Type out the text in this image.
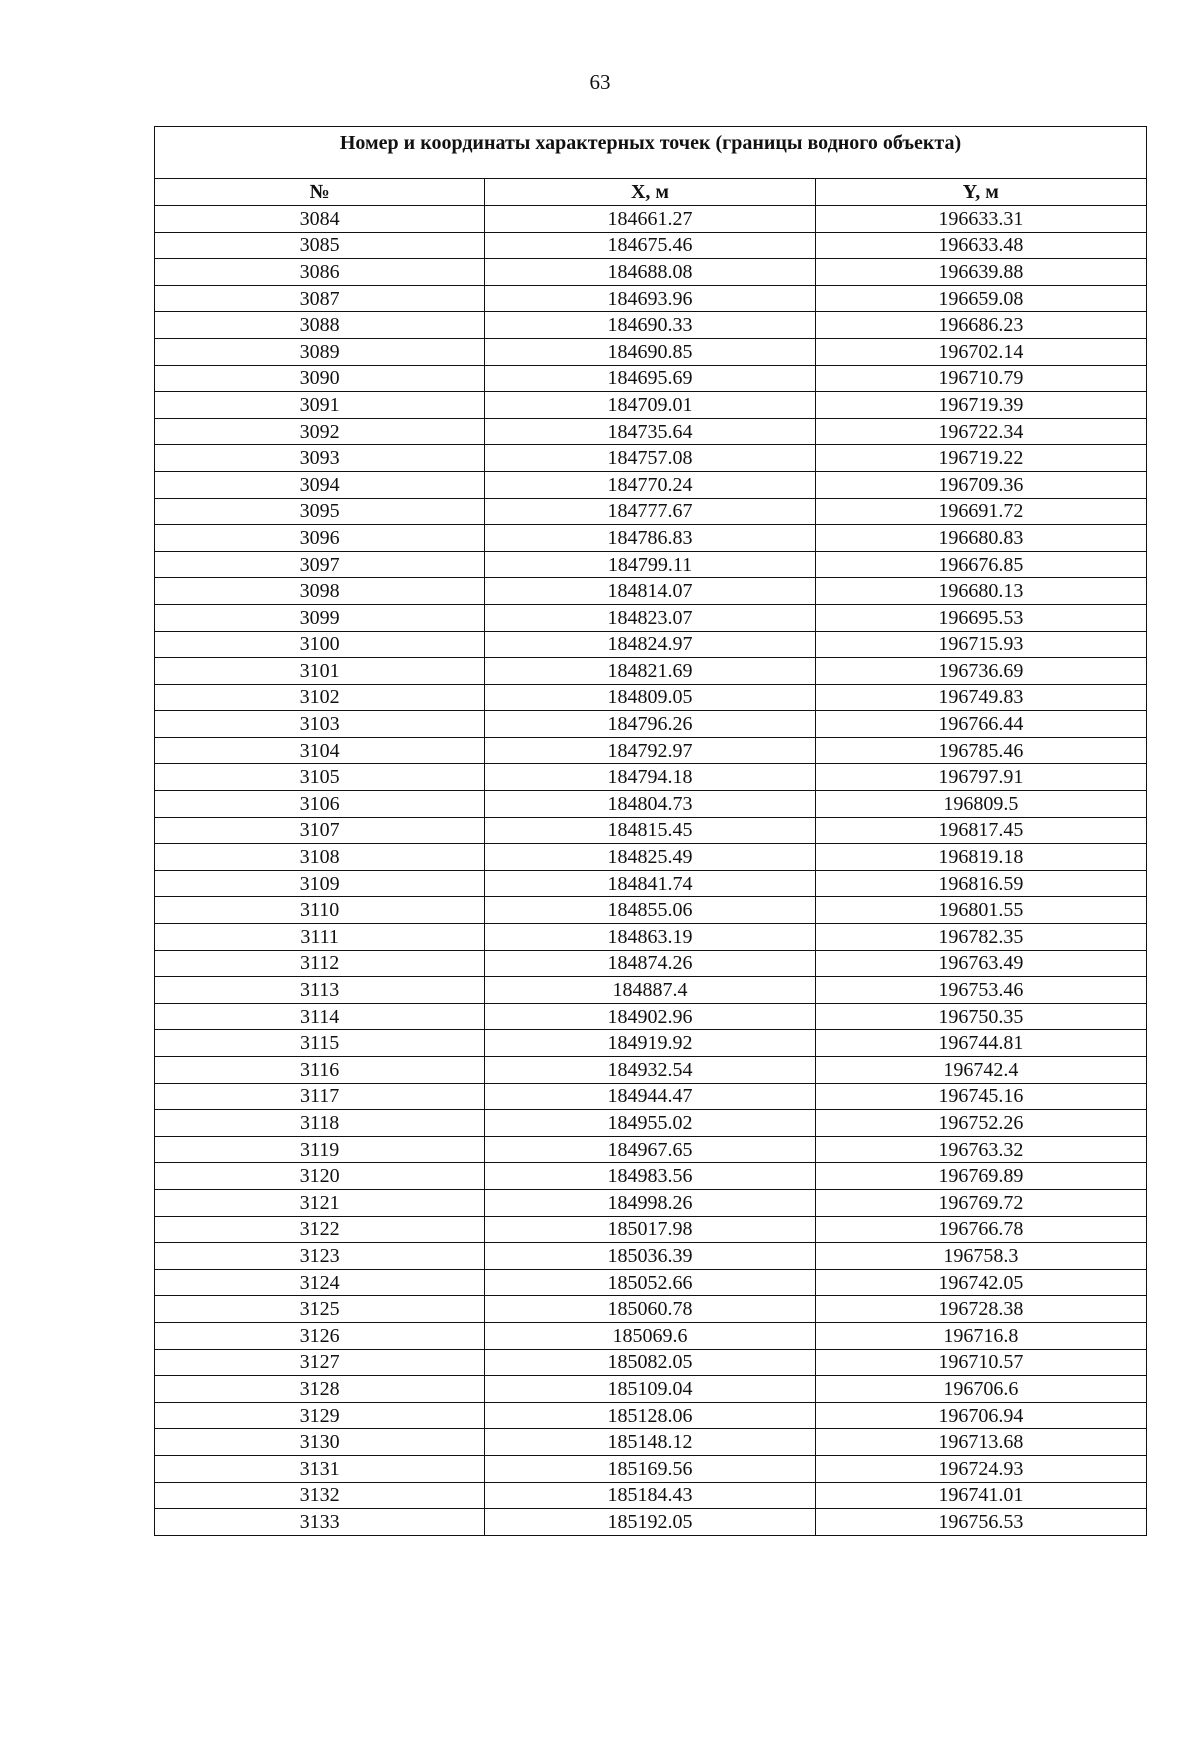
63
Номер и координаты характерных точек (границы водного объекта)		
№	X, м	Y, м
3084	184661.27	196633.31
3085	184675.46	196633.48
3086	184688.08	196639.88
3087	184693.96	196659.08
3088	184690.33	196686.23
3089	184690.85	196702.14
3090	184695.69	196710.79
3091	184709.01	196719.39
3092	184735.64	196722.34
3093	184757.08	196719.22
3094	184770.24	196709.36
3095	184777.67	196691.72
3096	184786.83	196680.83
3097	184799.11	196676.85
3098	184814.07	196680.13
3099	184823.07	196695.53
3100	184824.97	196715.93
3101	184821.69	196736.69
3102	184809.05	196749.83
3103	184796.26	196766.44
3104	184792.97	196785.46
3105	184794.18	196797.91
3106	184804.73	196809.5
3107	184815.45	196817.45
3108	184825.49	196819.18
3109	184841.74	196816.59
3110	184855.06	196801.55
3111	184863.19	196782.35
3112	184874.26	196763.49
3113	184887.4	196753.46
3114	184902.96	196750.35
3115	184919.92	196744.81
3116	184932.54	196742.4
3117	184944.47	196745.16
3118	184955.02	196752.26
3119	184967.65	196763.32
3120	184983.56	196769.89
3121	184998.26	196769.72
3122	185017.98	196766.78
3123	185036.39	196758.3
3124	185052.66	196742.05
3125	185060.78	196728.38
3126	185069.6	196716.8
3127	185082.05	196710.57
3128	185109.04	196706.6
3129	185128.06	196706.94
3130	185148.12	196713.68
3131	185169.56	196724.93
3132	185184.43	196741.01
3133	185192.05	196756.53
